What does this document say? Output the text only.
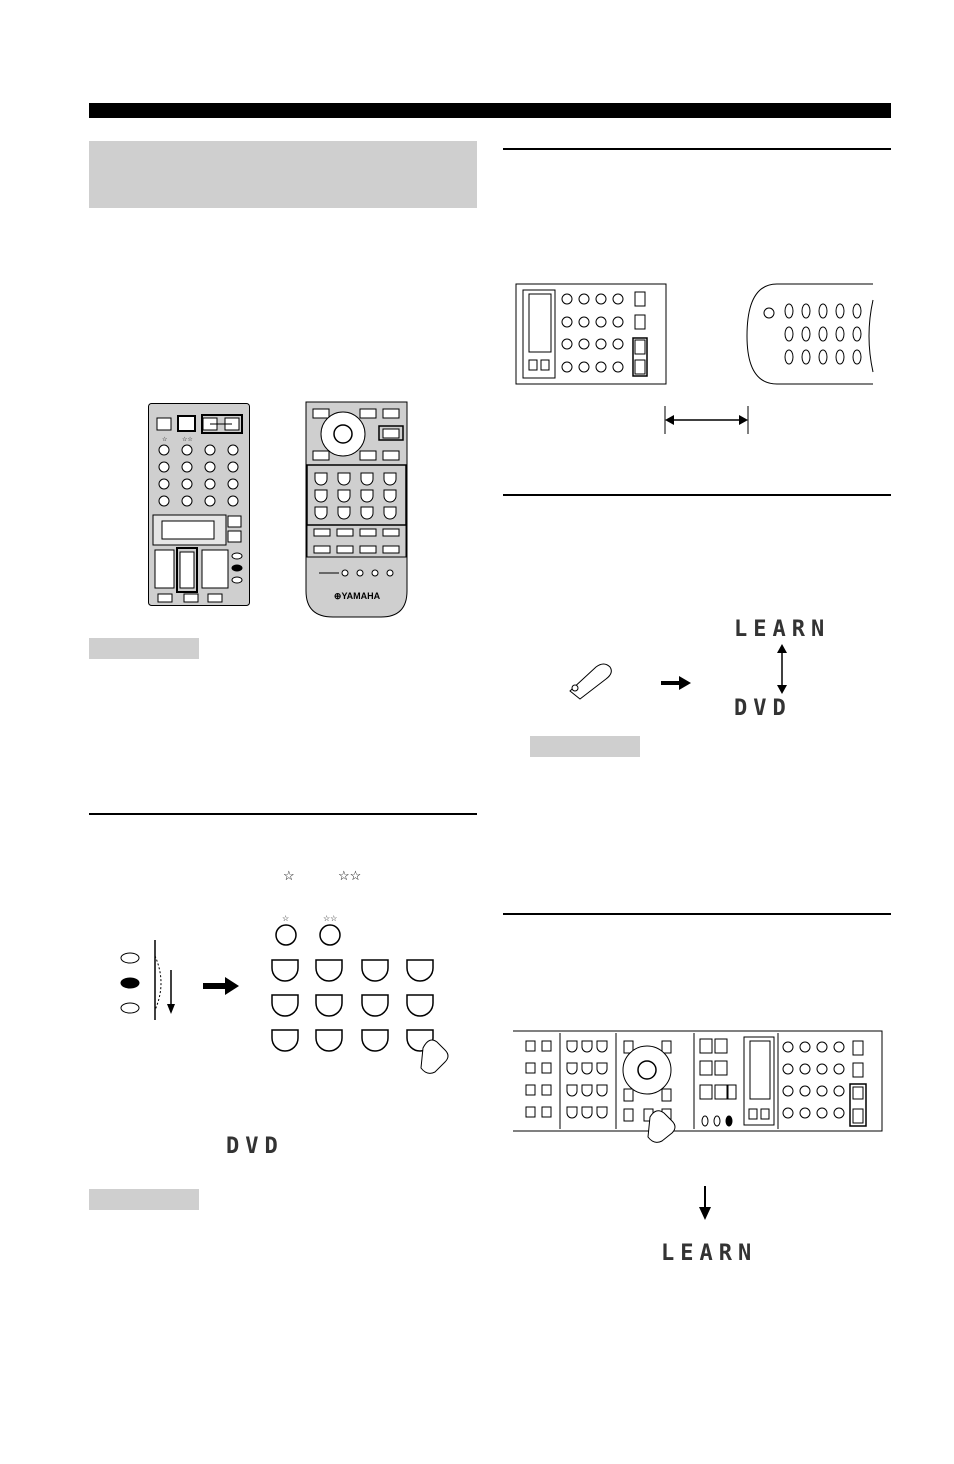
☆ ☆☆
⊕YAMAHA
LEARN
DVD
☆	☆☆
☆	☆☆
DVD
LEARN
